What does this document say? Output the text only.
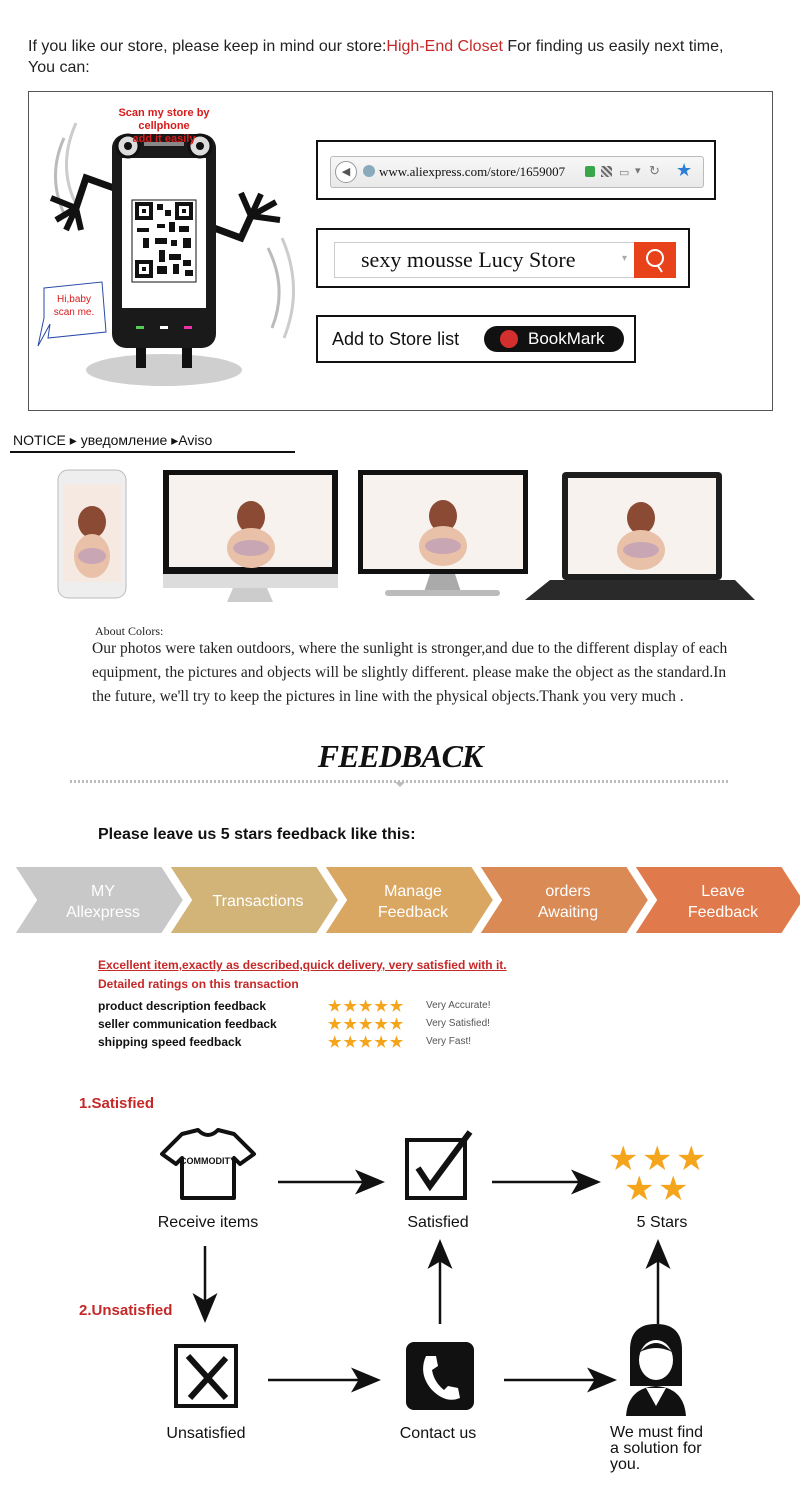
If you like our store, please keep in mind our store:High-End Closet For finding us easily next time,
You can:
Scan my store by cellphone
add it easily
Hi,baby
scan me.
◀	www.aliexpress.com/store/1659007	▭ ▾ ↻ ★
sexy mousse Lucy Store	▾
Add to Store list	BookMark
NOTICE ▸ уведомление ▸Aviso
About Colors:
Our photos were taken outdoors, where the sunlight is stronger,and due to the different display of each equipment, the pictures and objects will be slightly different. please make the object as the standard.In the future, we'll try to keep the pictures in line with the physical objects.Thank you very much .
FEEDBACK
Please leave us 5 stars feedback like this:
MY
Allexpress
Transactions
Manage
Feedback
orders
Awaiting
Leave
Feedback
Excellent item,exactly as described,quick delivery, very satisfied with it.
Detailed ratings on this transaction
product description feedback	★★★★★ Very Accurate!
seller communication feedback	★★★★★ Very Satisfied!
shipping speed feedback	★★★★★ Very Fast!
1.Satisfied
2.Unsatisfied
★ ★ ★
★ ★
COMMODITY
Receive items	Satisfied	5 Stars
Unsatisfied	Contact us	We must find
a solution for
you.
